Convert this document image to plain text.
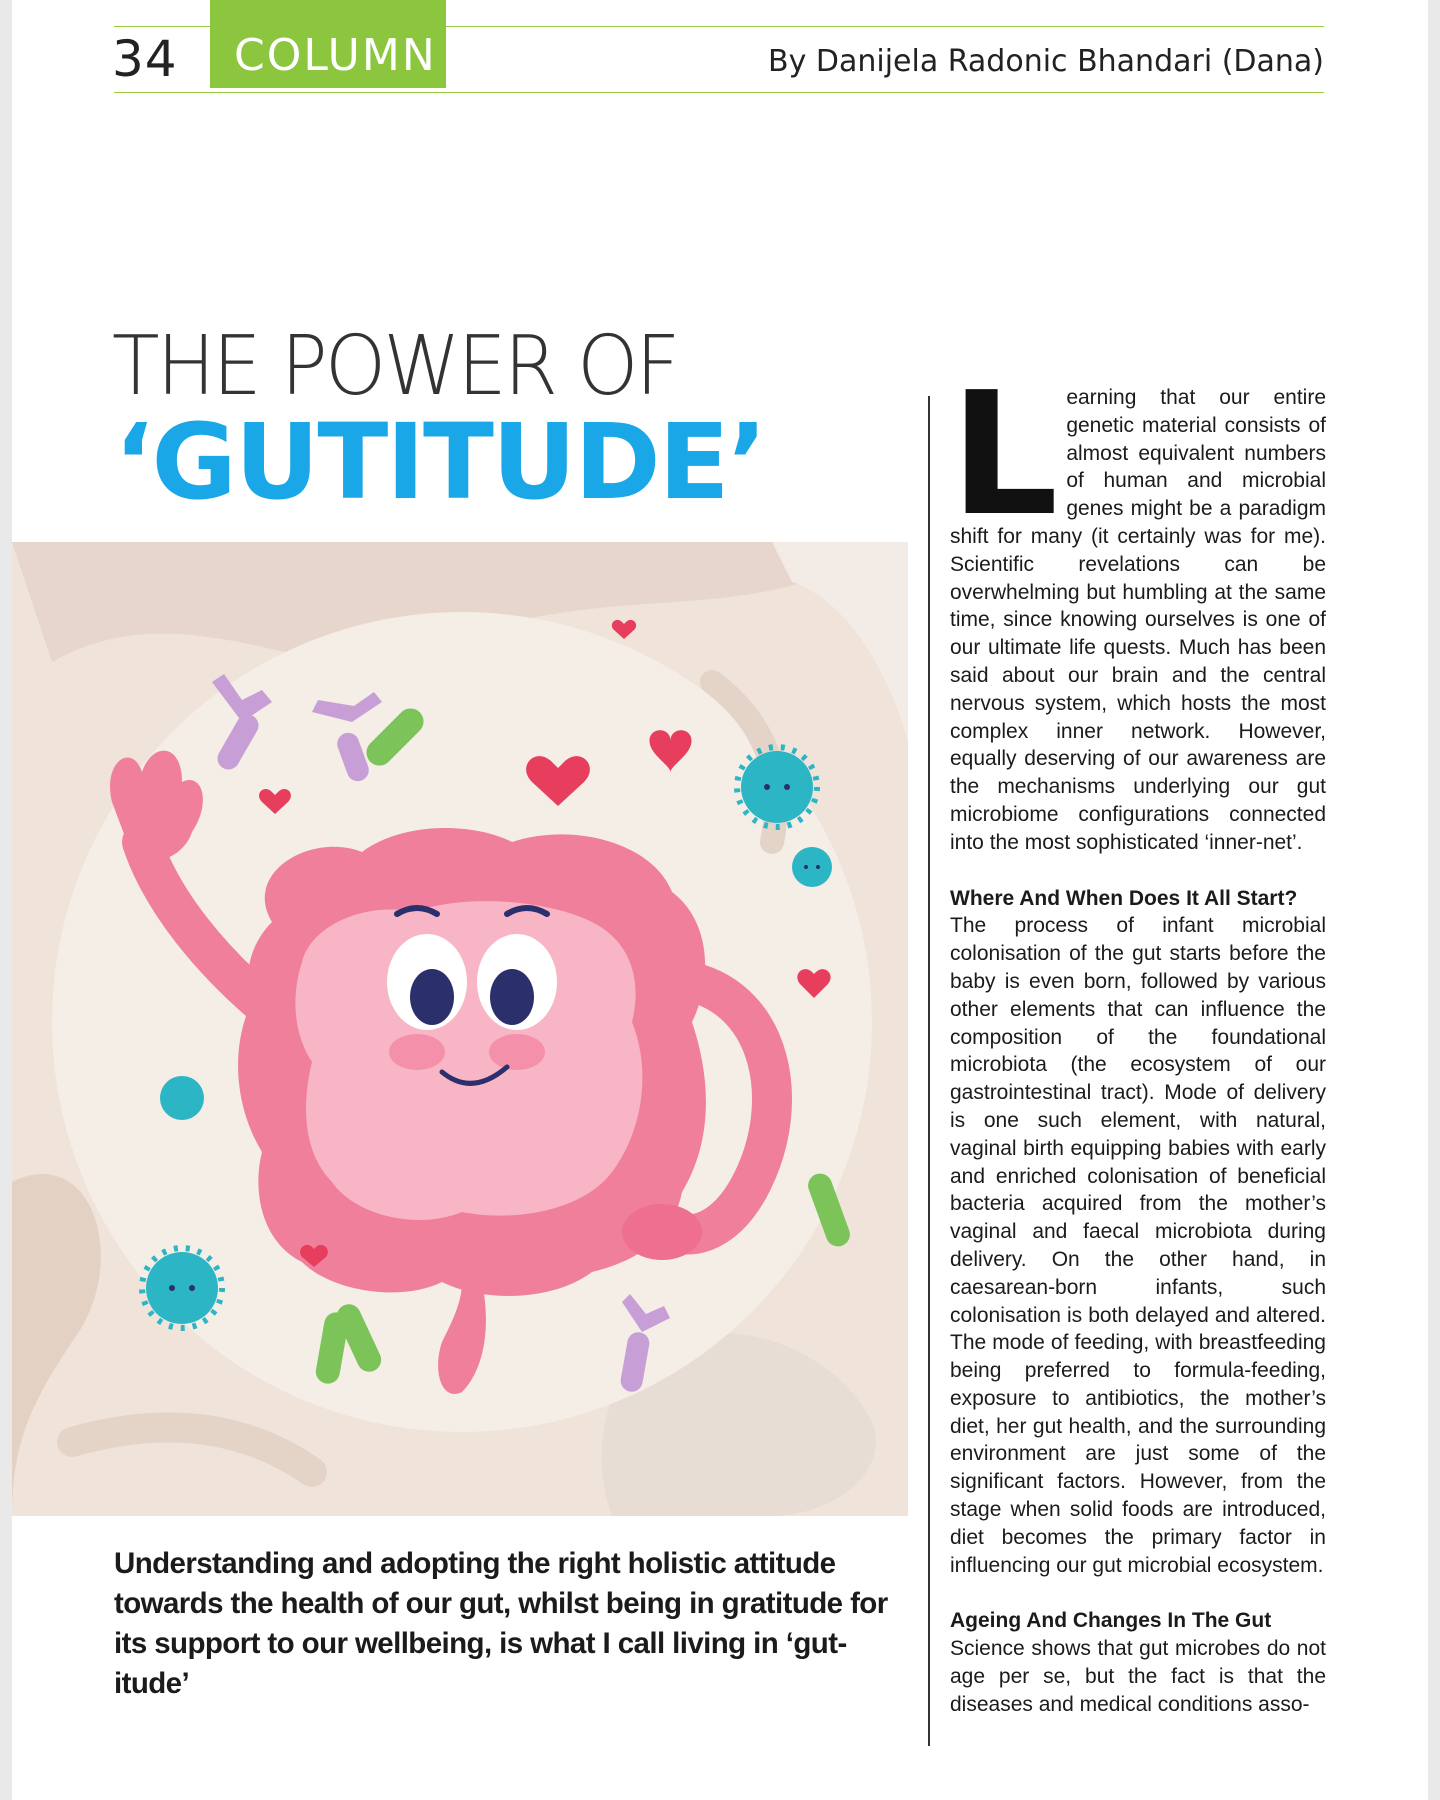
34	COLUMN	By Danijela Radonic Bhandari (Dana)
THE POWER OF
‘GUTITUDE’
Understanding and adopting the right holistic attitude towards the health of our gut, whilst being in gratitude for its support to our wellbeing, is what I call living in ‘gut-itude’

Learning that our entire genetic material consists of almost equivalent numbers of human and microbial genes might be a paradigm shift for many (it certainly was for me). Scientific revelations can be overwhelming but humbling at the same time, since knowing ourselves is one of our ultimate life quests. Much has been said about our brain and the central nervous system, which hosts the most complex inner network. However, equally deserving of our awareness are the mechanisms underlying our gut microbiome configurations connected into the most sophisticated ‘inner-net’.

Where And When Does It All Start?

The process of infant microbial colonisation of the gut starts before the baby is even born, followed by various other elements that can influence the composition of the foundational microbiota (the ecosystem of our gastrointestinal tract). Mode of delivery is one such element, with natural, vaginal birth equipping babies with early and enriched colonisation of beneficial bacteria acquired from the mother’s vaginal and faecal microbiota during delivery. On the other hand, in caesarean-born infants, such colonisation is both delayed and altered. The mode of feeding, with breastfeeding being preferred to formula-feeding, exposure to antibiotics, the mother’s diet, her gut health, and the surrounding environment are just some of the significant factors. However, from the stage when solid foods are introduced, diet becomes the primary factor in influencing our gut microbial ecosystem.

Ageing And Changes In The Gut

Science shows that gut microbes do not age per se, but the fact is that the diseases and medical conditions asso-
